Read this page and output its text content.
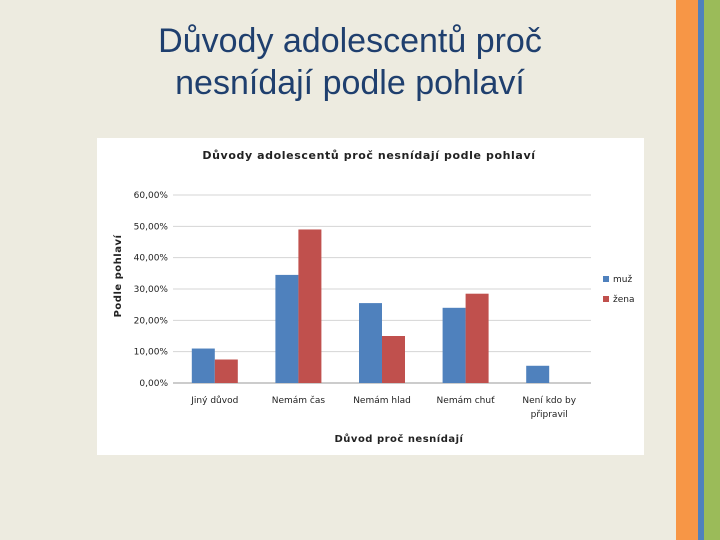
Důvody adolescentů proč
nesnídají podle pohlaví
Důvody adolescentů proč nesnídají podle pohlaví
0,00%
10,00%
20,00%
30,00%
40,00%
50,00%
60,00%
Jiný důvod	Nemám čas	Nemám hlad	Nemám chuť	Není kdo by
připravil
Podle pohlaví
Důvod proč nesnídají
muž
žena
